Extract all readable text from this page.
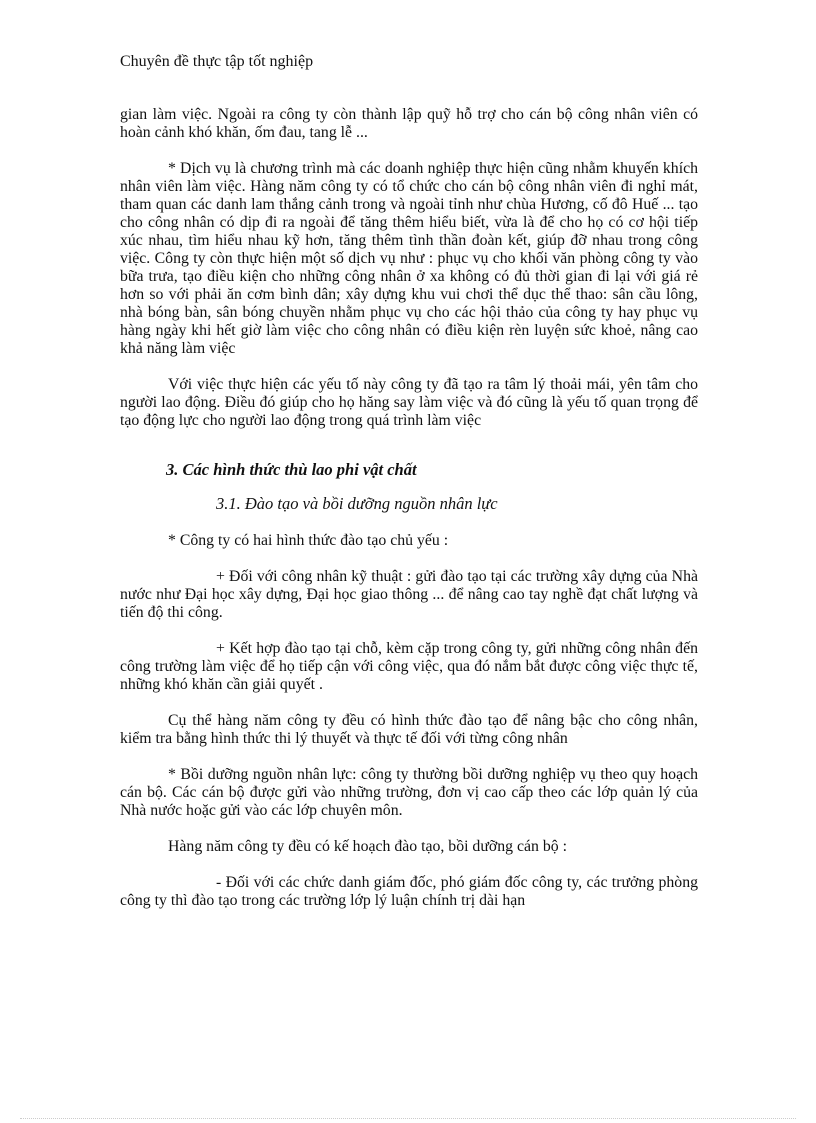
Chuyên đề thực tập tốt nghiệp

gian làm việc. Ngoài ra công ty còn thành lập quỹ hỗ trợ cho cán bộ công nhân viên có hoàn cảnh khó khăn, ốm đau, tang lễ ...

* Dịch vụ là chương trình mà các doanh nghiệp thực hiện cũng nhằm khuyến khích nhân viên làm việc. Hàng năm công ty có tổ chức cho cán bộ công nhân viên đi nghỉ mát, tham quan các danh lam thắng cảnh trong và ngoài tỉnh như chùa Hương, cố đô Huế ... tạo cho công nhân có dịp đi ra ngoài để tăng thêm hiểu biết, vừa là để cho họ có cơ hội tiếp xúc nhau, tìm hiểu nhau kỹ hơn, tăng thêm tình thần đoàn kết, giúp đỡ nhau trong công việc. Công ty còn thực hiện một số dịch vụ như : phục vụ cho khối văn phòng công ty vào bữa trưa, tạo điều kiện cho những công nhân ở xa không có đủ thời gian đi lại với giá rẻ hơn so với phải ăn cơm bình dân; xây dựng khu vui chơi thể dục thể thao: sân cầu lông, nhà bóng bàn, sân bóng chuyền nhằm phục vụ cho các hội thảo của công ty hay phục vụ hàng ngày khi hết giờ làm việc cho công nhân có điều kiện rèn luyện sức khoẻ, nâng cao khả năng làm việc

Với việc thực hiện các yếu tố này công ty đã tạo ra tâm lý thoải mái, yên tâm cho người lao động. Điều đó giúp cho họ hăng say làm việc và đó cũng là yếu tố quan trọng để tạo động lực cho người lao động trong quá trình làm việc

3. Các hình thức thù lao phi vật chất

3.1. Đào tạo và bồi dưỡng nguồn nhân lực

* Công ty có hai hình thức đào tạo chủ yếu :

+ Đối với công nhân kỹ thuật : gửi đào tạo tại các trường xây dựng của Nhà nước như Đại học xây dựng, Đại học giao thông ... để nâng cao tay nghề đạt chất lượng và tiến độ thi công.

+ Kết hợp đào tạo tại chỗ, kèm cặp trong công ty, gửi những công nhân đến công trường làm việc để họ tiếp cận với công việc, qua đó nắm bắt được công việc thực tế, những khó khăn cần giải quyết .

Cụ thể hàng năm công ty đều có hình thức đào tạo để nâng bậc cho công nhân, kiểm tra bằng hình thức thi lý thuyết và thực tế đối với từng công nhân

* Bồi dưỡng nguồn nhân lực: công ty thường bồi dưỡng nghiệp vụ theo quy hoạch cán bộ. Các cán bộ được gửi vào những trường, đơn vị cao cấp theo các lớp quản lý của Nhà nước hoặc gửi vào các lớp chuyên môn.

Hàng năm công ty đều có kế hoạch đào tạo, bồi dưỡng cán bộ :

- Đối với các chức danh giám đốc, phó giám đốc công ty, các trưởng phòng công ty thì đào tạo trong các trường lớp lý luận chính trị dài hạn
